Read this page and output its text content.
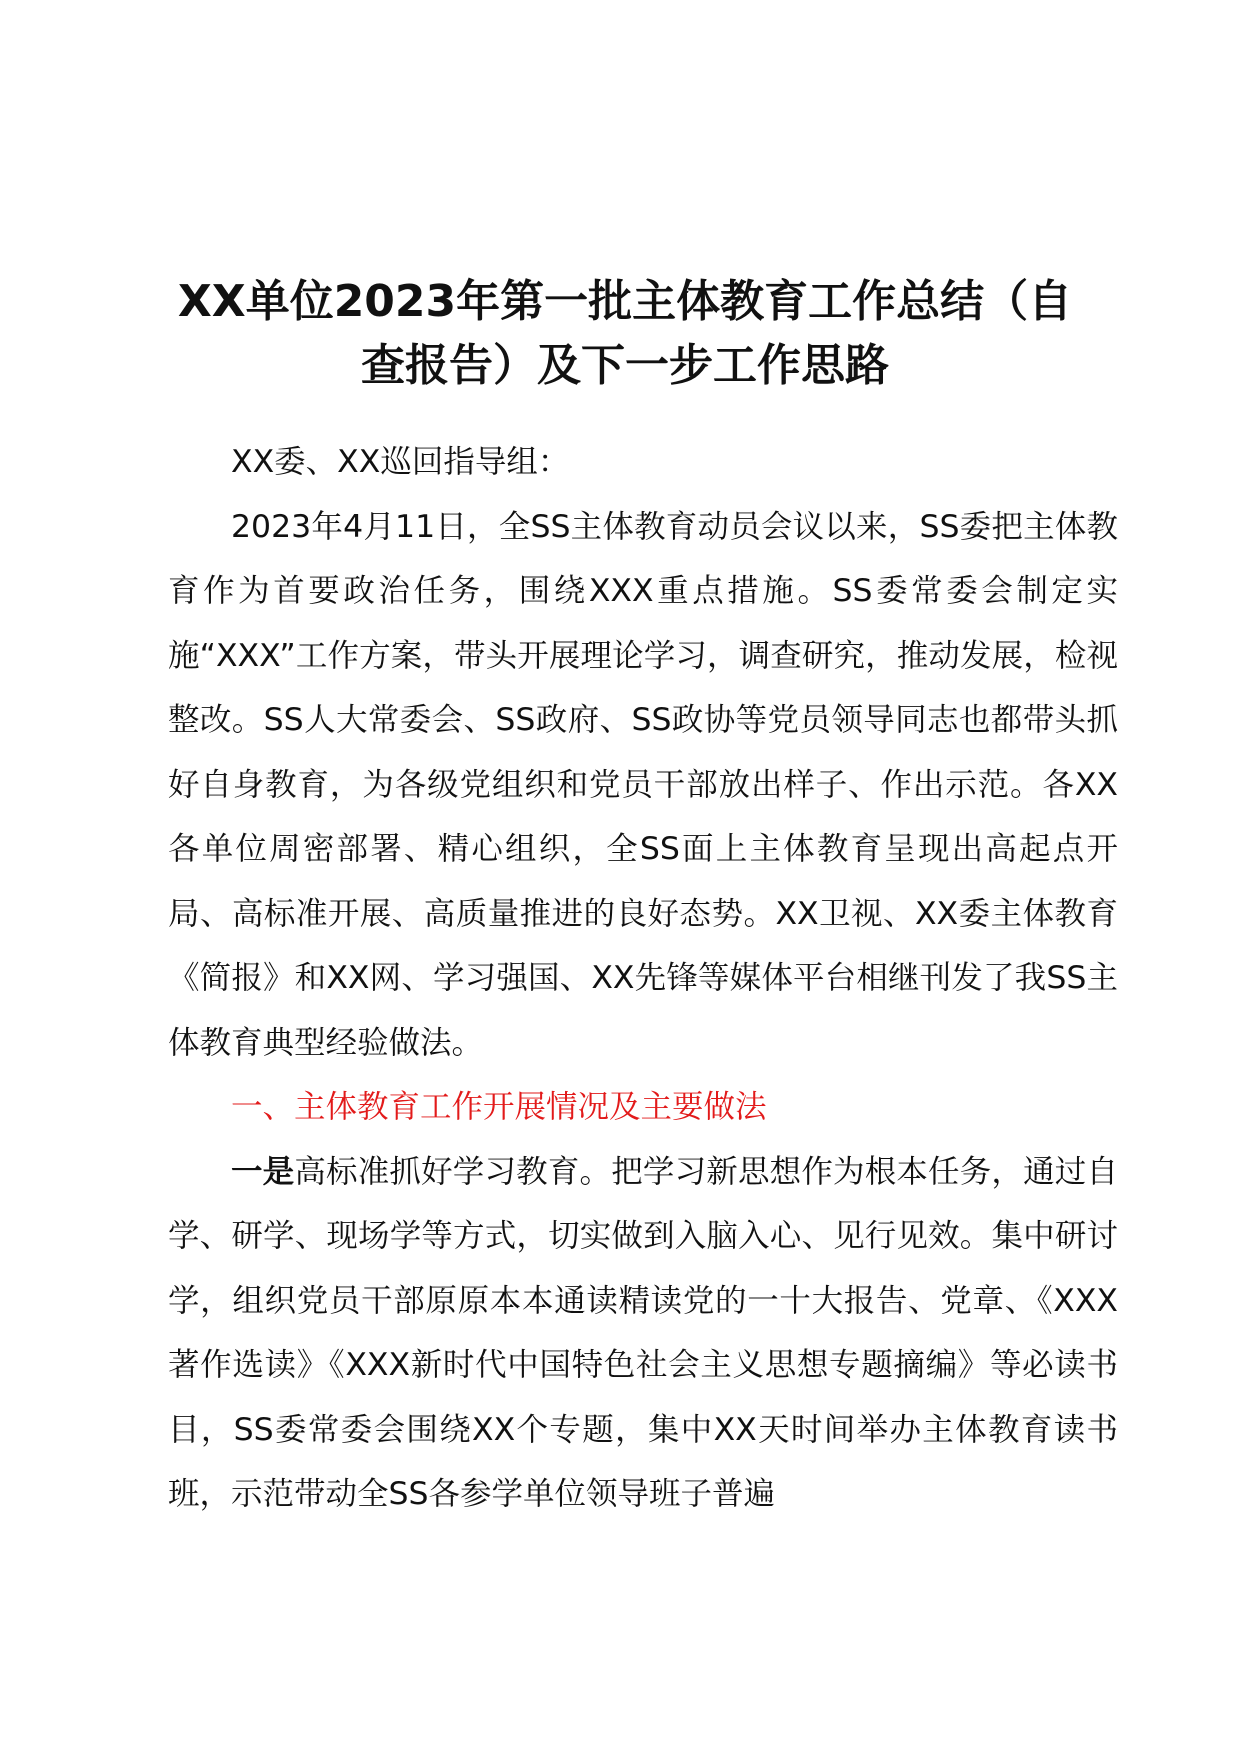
XX单位2023年第一批主体教育工作总结（自
查报告）及下一步工作思路

XX委、XX巡回指导组：

2023年4月11日，全SS主体教育动员会议以来，SS委把主体教育作为首要政治任务，围绕XXX重点措施。SS委常委会制定实施“XXX”工作方案，带头开展理论学习，调查研究，推动发展，检视整改。SS人大常委会、SS政府、SS政协等党员领导同志也都带头抓好自身教育，为各级党组织和党员干部放出样子、作出示范。各XX各单位周密部署、精心组织，全SS面上主体教育呈现出高起点开局、高标准开展、高质量推进的良好态势。XX卫视、XX委主体教育《简报》和XX网、学习强国、XX先锋等媒体平台相继刊发了我SS主体教育典型经验做法。

一、主体教育工作开展情况及主要做法

一是高标准抓好学习教育。把学习新思想作为根本任务，通过自学、研学、现场学等方式，切实做到入脑入心、见行见效。集中研讨学，组织党员干部原原本本通读精读党的一十大报告、党章、《XXX著作选读》《XXX新时代中国特色社会主义思想专题摘编》等必读书目，SS委常委会围绕XX个专题，集中XX天时间举办主体教育读书班，示范带动全SS各参学单位领导班子普遍
